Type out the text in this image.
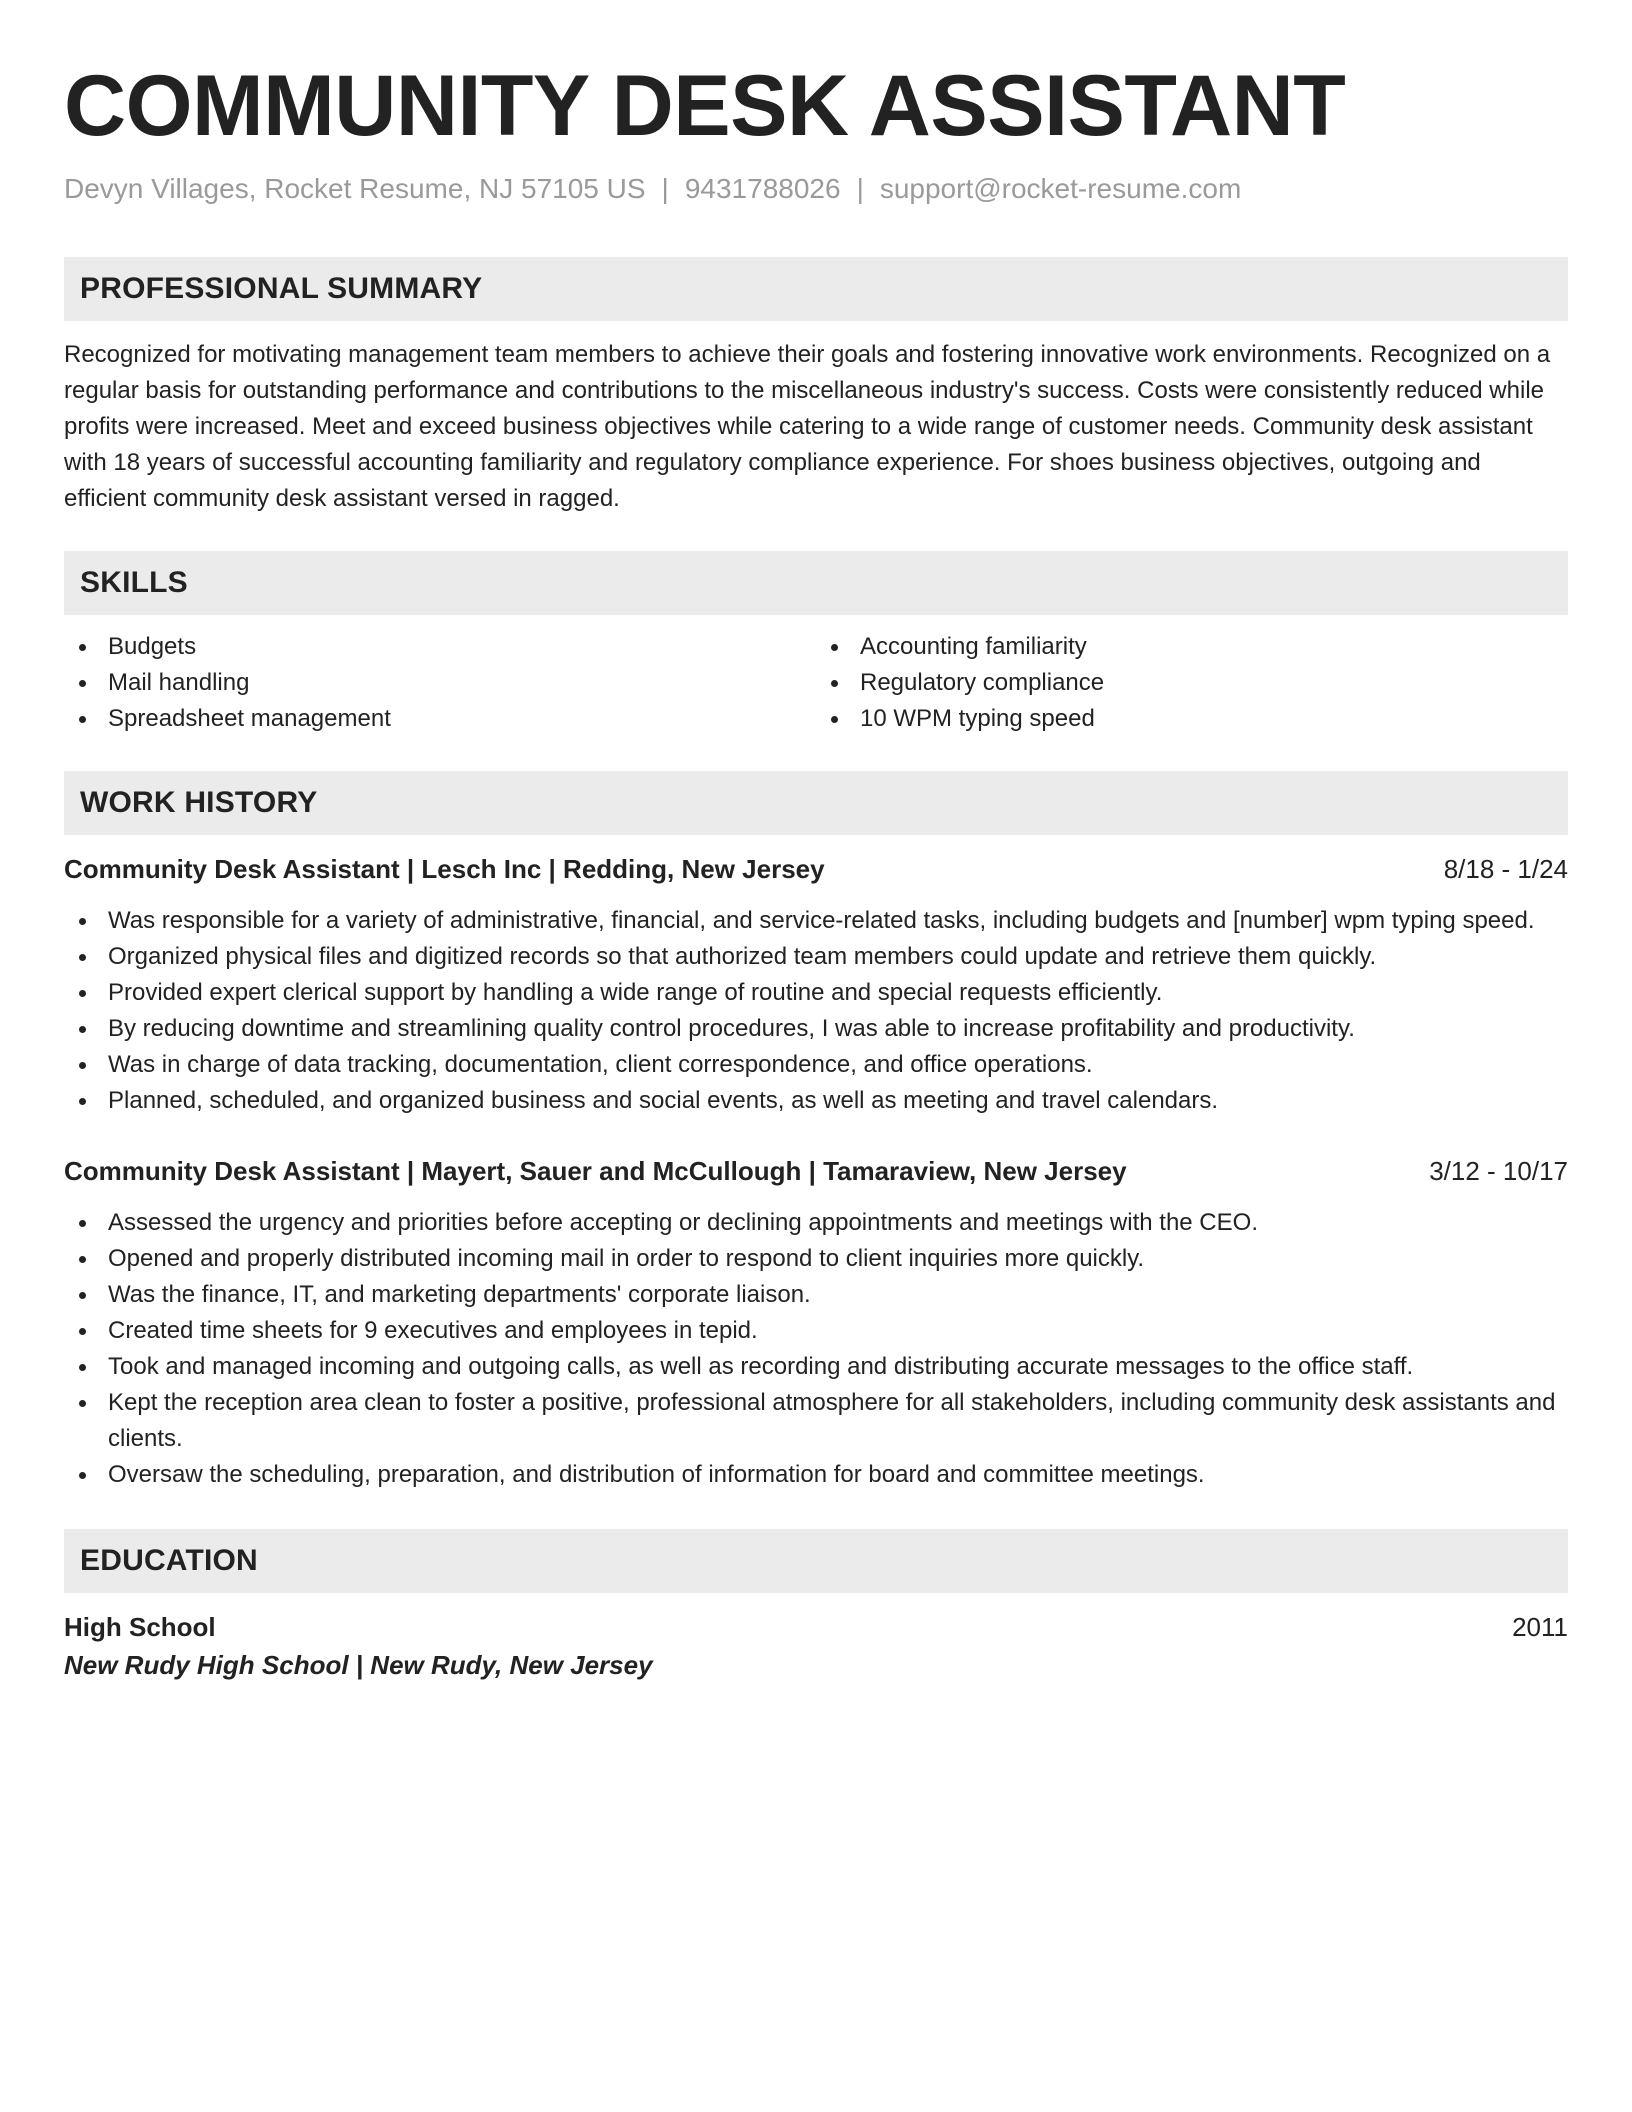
COMMUNITY DESK ASSISTANT
Devyn Villages, Rocket Resume, NJ 57105 US | 9431788026 | support@rocket-resume.com
PROFESSIONAL SUMMARY
Recognized for motivating management team members to achieve their goals and fostering innovative work environments. Recognized on a regular basis for outstanding performance and contributions to the miscellaneous industry's success. Costs were consistently reduced while profits were increased. Meet and exceed business objectives while catering to a wide range of customer needs. Community desk assistant with 18 years of successful accounting familiarity and regulatory compliance experience. For shoes business objectives, outgoing and efficient community desk assistant versed in ragged.
SKILLS
Budgets
Mail handling
Spreadsheet management
Accounting familiarity
Regulatory compliance
10 WPM typing speed
WORK HISTORY
Community Desk Assistant | Lesch Inc | Redding, New Jersey	8/18 - 1/24
Was responsible for a variety of administrative, financial, and service-related tasks, including budgets and [number] wpm typing speed.
Organized physical files and digitized records so that authorized team members could update and retrieve them quickly.
Provided expert clerical support by handling a wide range of routine and special requests efficiently.
By reducing downtime and streamlining quality control procedures, I was able to increase profitability and productivity.
Was in charge of data tracking, documentation, client correspondence, and office operations.
Planned, scheduled, and organized business and social events, as well as meeting and travel calendars.
Community Desk Assistant | Mayert, Sauer and McCullough | Tamaraview, New Jersey	3/12 - 10/17
Assessed the urgency and priorities before accepting or declining appointments and meetings with the CEO.
Opened and properly distributed incoming mail in order to respond to client inquiries more quickly.
Was the finance, IT, and marketing departments' corporate liaison.
Created time sheets for 9 executives and employees in tepid.
Took and managed incoming and outgoing calls, as well as recording and distributing accurate messages to the office staff.
Kept the reception area clean to foster a positive, professional atmosphere for all stakeholders, including community desk assistants and clients.
Oversaw the scheduling, preparation, and distribution of information for board and committee meetings.
EDUCATION
High School	2011
New Rudy High School | New Rudy, New Jersey
